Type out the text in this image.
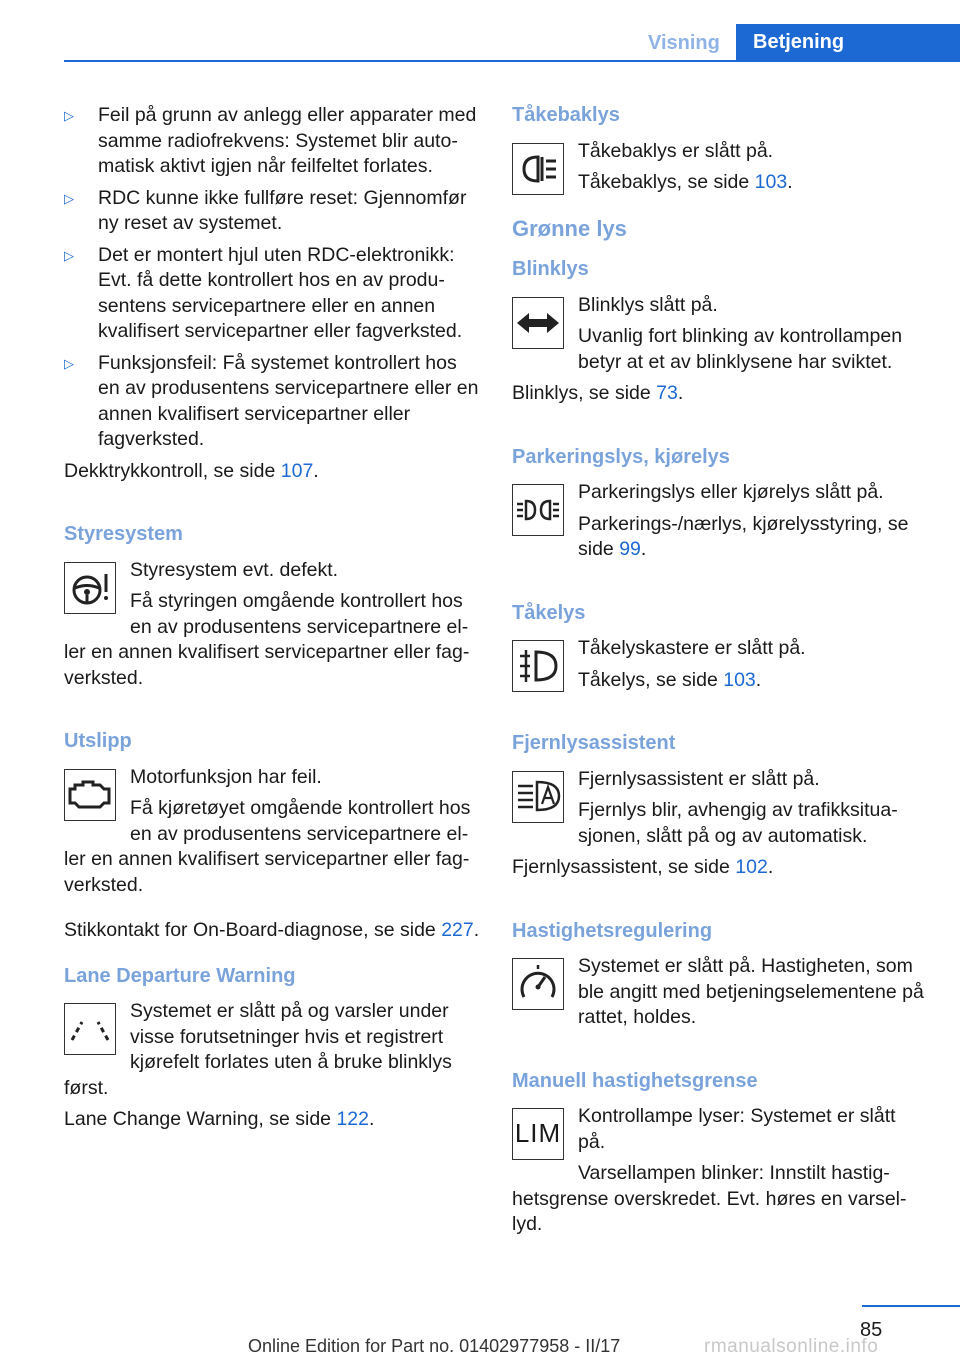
Visning	Betjening
▷	Feil på grunn av anlegg eller apparater med samme radiofrekvens: Systemet blir automatisk aktivt igjen når feilfeltet forlates.
▷	RDC kunne ikke fullføre reset: Gjennomfør ny reset av systemet.
▷	Det er montert hjul uten RDC-elektronikk: Evt. få dette kontrollert hos en av produsentens servicepartnere eller en annen kvalifisert servicepartner eller fagverksted.
▷	Funksjonsfeil: Få systemet kontrollert hos en av produsentens servicepartnere eller en annen kvalifisert servicepartner eller fagverksted.

Dekktrykkontroll, se side 107.

Styresystem

Styresystem evt. defekt.

Få styringen omgående kontrollert hos en av produsentens servicepartnere eller en annen kvalifisert servicepartner eller fagverksted.

Utslipp

Motorfunksjon har feil.

Få kjøretøyet omgående kontrollert hos en av produsentens servicepartnere eller en annen kvalifisert servicepartner eller fagverksted.

Stikkontakt for On-Board-diagnose, se side 227.

Lane Departure Warning

Systemet er slått på og varsler under visse forutsetninger hvis et registrert kjørefelt forlates uten å bruke blinklys først.

Lane Change Warning, se side 122.

Tåkebaklys

Tåkebaklys er slått på.

Tåkebaklys, se side 103.

Grønne lys
Blinklys

Blinklys slått på.

Uvanlig fort blinking av kontrollampen betyr at et av blinklysene har sviktet.

Blinklys, se side 73.

Parkeringslys, kjørelys

Parkeringslys eller kjørelys slått på.

Parkerings-/nærlys, kjørelysstyring, se side 99.

Tåkelys

Tåkelyskastere er slått på.

Tåkelys, se side 103.

Fjernlysassistent

Fjernlysassistent er slått på.

Fjernlys blir, avhengig av trafikksituasjonen, slått på og av automatisk.

Fjernlysassistent, se side 102.

Hastighetsregulering

Systemet er slått på. Hastigheten, som ble angitt med betjeningselementene på rattet, holdes.

Manuell hastighetsgrense
LIM

Kontrollampe lyser: Systemet er slått på.

Varsellampen blinker: Innstilt hastighetsgrense overskredet. Evt. høres en varsellyd.

85
Online Edition for Part no. 01402977958 - II/17	rmanualsonline.info
